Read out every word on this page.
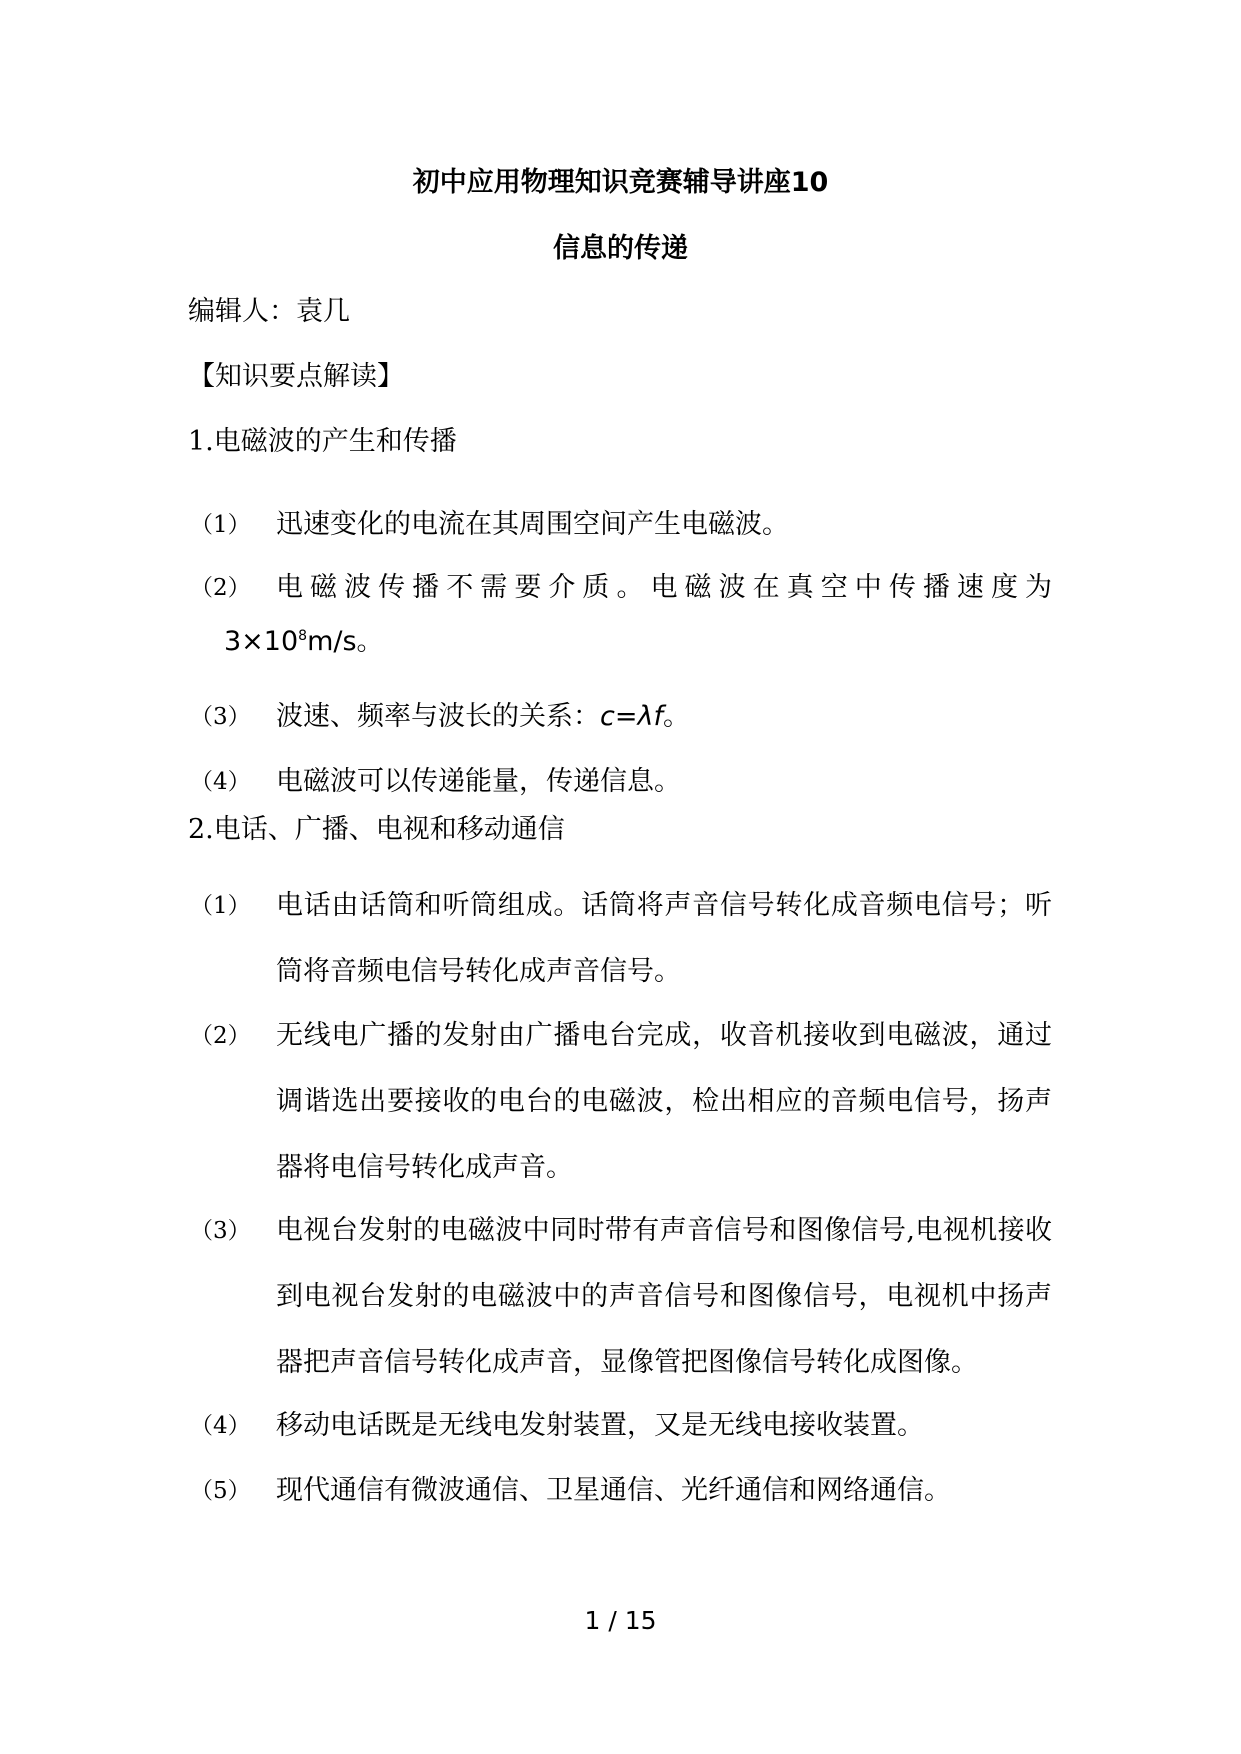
初中应用物理知识竞赛辅导讲座10
信息的传递
编辑人：袁几
【知识要点解读】
1.电磁波的产生和传播
（1） 迅速变化的电流在其周围空间产生电磁波。
（2） 电磁波传播不需要介质。电磁波在真空中传播速度为
$3\times 10^8m/s$。
（3） 波速、频率与波长的关系：c=λf。
（4） 电磁波可以传递能量，传递信息。
2.电话、广播、电视和移动通信
（1） 电话由话筒和听筒组成。话筒将声音信号转化成音频电信号；听筒将音频电信号转化成声音信号。
（2） 无线电广播的发射由广播电台完成，收音机接收到电磁波，通过调谐选出要接收的电台的电磁波，检出相应的音频电信号，扬声器将电信号转化成声音。
（3） 电视台发射的电磁波中同时带有声音信号和图像信号,电视机接收到电视台发射的电磁波中的声音信号和图像信号，电视机中扬声器把声音信号转化成声音，显像管把图像信号转化成图像。
（4） 移动电话既是无线电发射装置，又是无线电接收装置。
（5） 现代通信有微波通信、卫星通信、光纤通信和网络通信。
1 / 15
